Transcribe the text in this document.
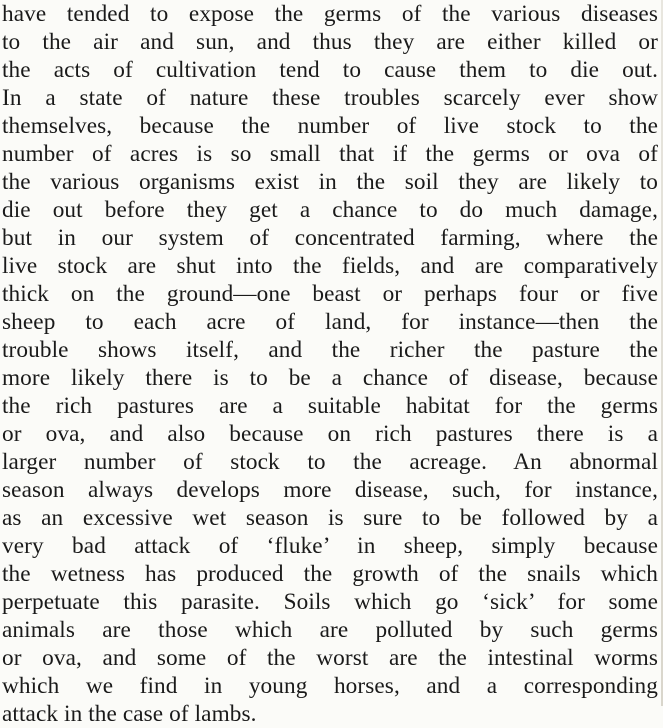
have tended to expose the germs of the various diseases
to the air and sun, and thus they are either killed or
the acts of cultivation tend to cause them to die out.
In a state of nature these troubles scarcely ever show
themselves, because the number of live stock to the
number of acres is so small that if the germs or ova of
the various organisms exist in the soil they are likely to
die out before they get a chance to do much damage,
but in our system of concentrated farming, where the
live stock are shut into the fields, and are comparatively
thick on the ground—one beast or perhaps four or five
sheep to each acre of land, for instance—then the
trouble shows itself, and the richer the pasture the
more likely there is to be a chance of disease, because
the rich pastures are a suitable habitat for the germs
or ova, and also because on rich pastures there is a
larger number of stock to the acreage. An abnormal
season always develops more disease, such, for instance,
as an excessive wet season is sure to be followed by a
very bad attack of ‘fluke’ in sheep, simply because
the wetness has produced the growth of the snails which
perpetuate this parasite. Soils which go ‘sick’ for some
animals are those which are polluted by such germs
or ova, and some of the worst are the intestinal worms
which we find in young horses, and a corresponding
attack in the case of lambs.
